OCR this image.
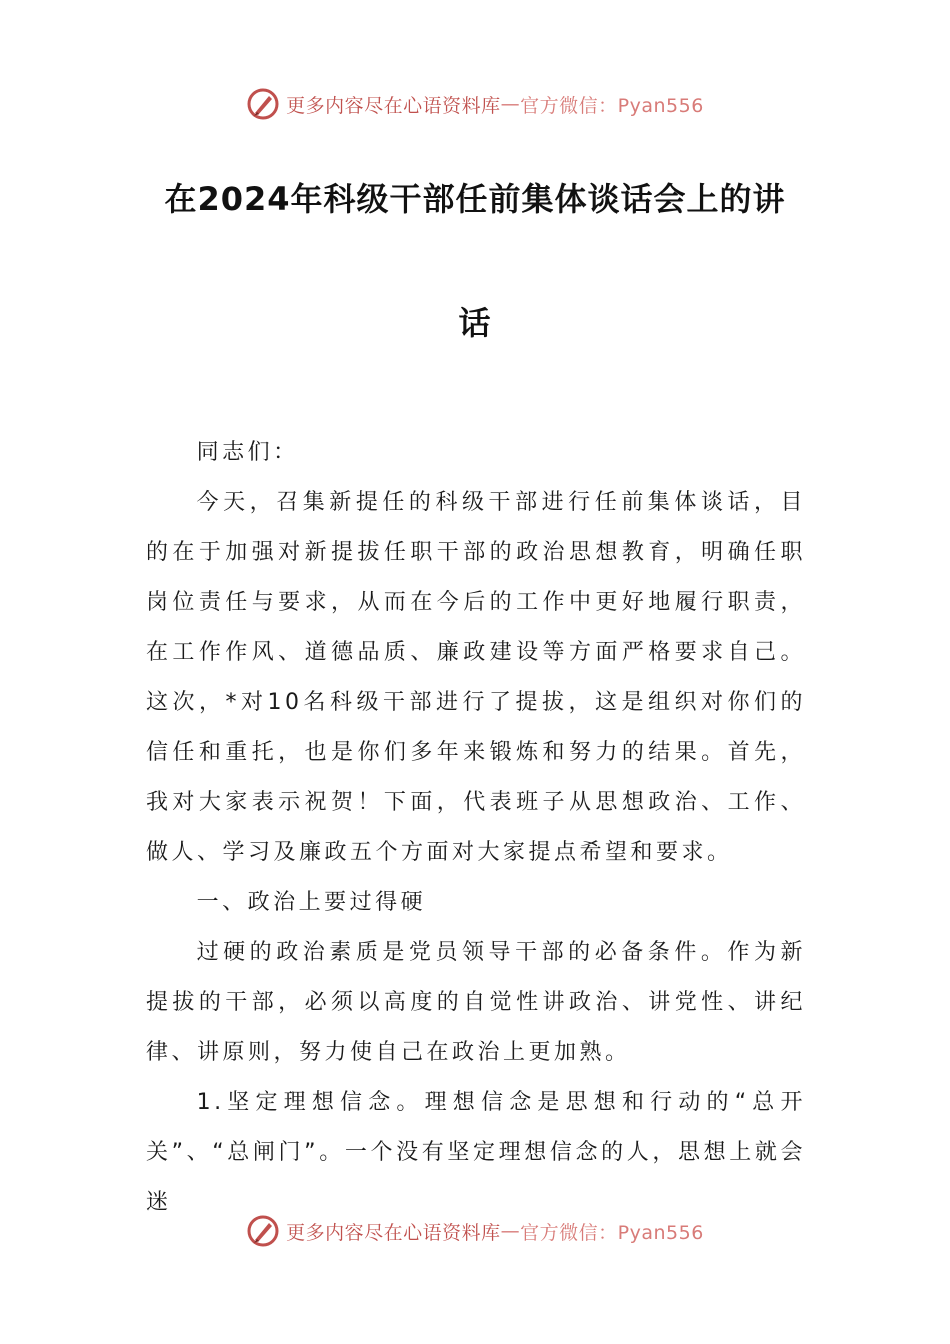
更多内容尽在心语资料库 — 官方微信：Pyan556
在2024年科级干部任前集体谈话会上的讲
话

同志们：

今天，召集新提任的科级干部进行任前集体谈话，目的在于加强对新提拔任职干部的政治思想教育，明确任职岗位责任与要求，从而在今后的工作中更好地履行职责，在工作作风、道德品质、廉政建设等方面严格要求自己。这次，*对10名科级干部进行了提拔，这是组织对你们的信任和重托，也是你们多年来锻炼和努力的结果。首先，我对大家表示祝贺！下面，代表班子从思想政治、工作、做人、学习及廉政五个方面对大家提点希望和要求。

一、政治上要过得硬

过硬的政治素质是党员领导干部的必备条件。作为新提拔的干部，必须以高度的自觉性讲政治、讲党性、讲纪律、讲原则，努力使自己在政治上更加熟。

1.坚定理想信念。理想信念是思想和行动的“总开关”、“总闸门”。一个没有坚定理想信念的人，思想上就会迷

更多内容尽在心语资料库 — 官方微信：Pyan556
